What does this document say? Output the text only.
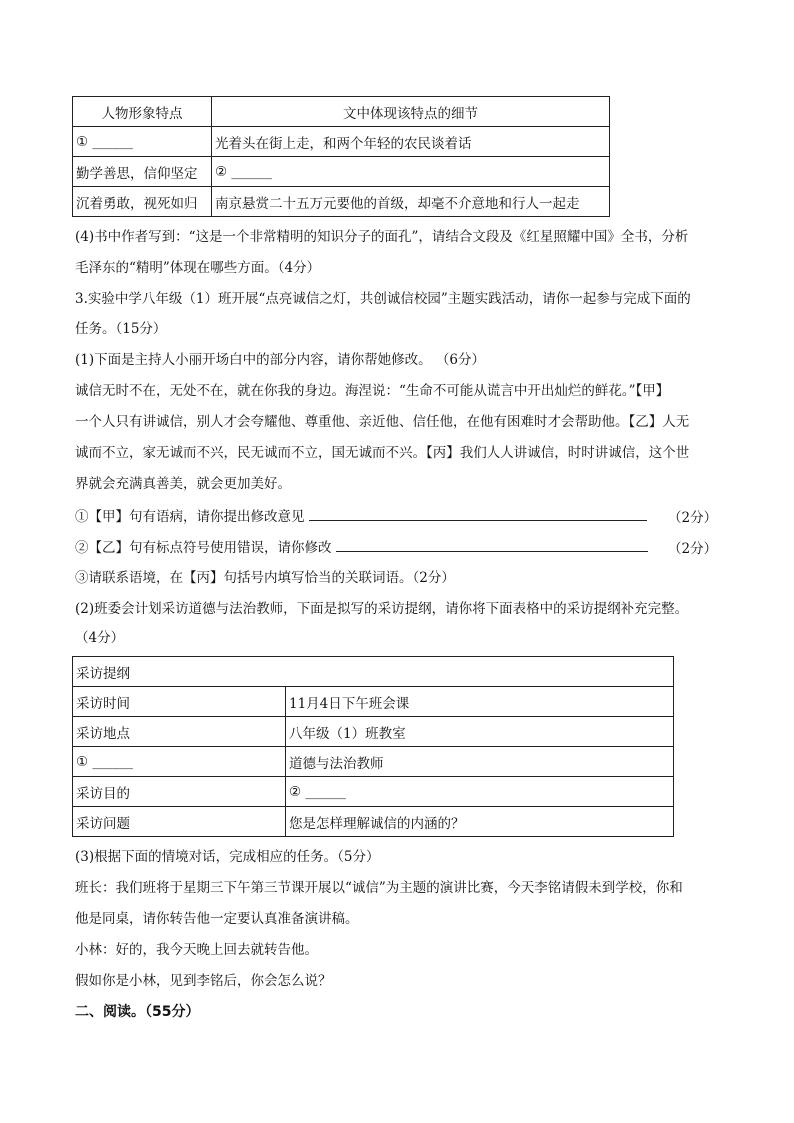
人物形象特点	文中体现该特点的细节
① ______	光着头在街上走，和两个年轻的农民谈着话
勤学善思，信仰坚定	② ______
沉着勇敢，视死如归	南京悬赏二十五万元要他的首级，却毫不介意地和行人一起走
(4)书中作者写到：“这是一个非常精明的知识分子的面孔”，请结合文段及《红星照耀中国》全书，分析
毛泽东的“精明”体现在哪些方面。（4分）
3.实验中学八年级（1）班开展“点亮诚信之灯，共创诚信校园”主题实践活动，请你一起参与完成下面的
任务。（15分）
(1)下面是主持人小丽开场白中的部分内容，请你帮她修改。 （6分）
诚信无时不在，无处不在，就在你我的身边。海涅说：“生命不可能从谎言中开出灿烂的鲜花。”【甲】
一个人只有讲诚信，别人才会夸耀他、尊重他、亲近他、信任他，在他有困难时才会帮助他。【乙】人无
诚而不立，家无诚而不兴，民无诚而不立，国无诚而不兴。【丙】我们人人讲诚信，时时讲诚信，这个世
界就会充满真善美，就会更加美好。
①【甲】句有语病，请你提出修改意见	（2分）
②【乙】句有标点符号使用错误，请你修改	（2分）
③请联系语境，在【丙】句括号内填写恰当的关联词语。（2分）
(2)班委会计划采访道德与法治教师，下面是拟写的采访提纲，请你将下面表格中的采访提纲补充完整。
（4分）
采访提纲	
采访时间	11月4日下午班会课
采访地点	八年级（1）班教室
① ______	道德与法治教师
采访目的	② ______
采访问题	您是怎样理解诚信的内涵的？
(3)根据下面的情境对话，完成相应的任务。（5分）
班长：我们班将于星期三下午第三节课开展以“诚信”为主题的演讲比赛，今天李铭请假未到学校，你和
他是同桌，请你转告他一定要认真准备演讲稿。
小林：好的，我今天晚上回去就转告他。
假如你是小林，见到李铭后，你会怎么说？
二、阅读。（55分）
